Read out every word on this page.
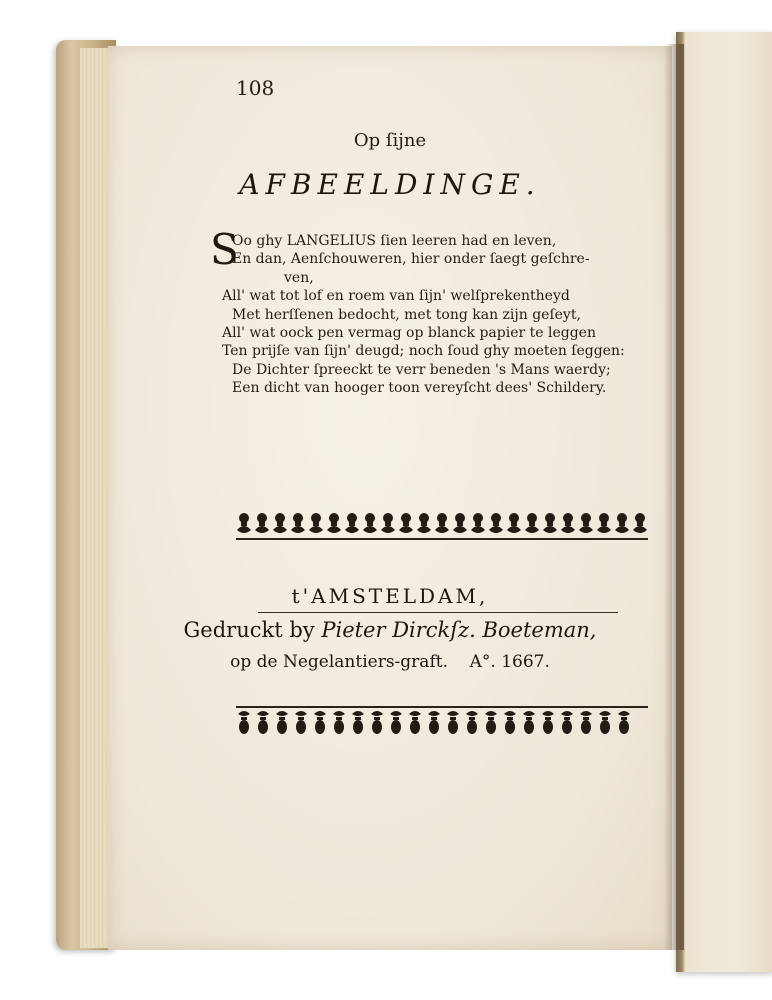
108
Op ſijne
AFBEELDINGE.
S
Oo ghy LANGELIUS ſien leeren had en leven,
En dan, Aenſchouweren, hier onder ſaegt geſchre-
ven,
All' wat tot lof en roem van ſijn' welſprekentheyd
Met herſſenen bedocht, met tong kan zijn geſeyt,
All' wat oock pen vermag op blanck papier te leggen
Ten prijſe van ſijn' deugd; noch ſoud ghy moeten ſeggen:
De Dichter ſpreeckt te verr beneden 's Mans waerdy;
Een dicht van hooger toon vereyſcht dees' Schildery.
t'AMSTELDAM,
Gedruckt by Pieter Dirckſz. Boeteman,
op de Negelantiers-graft. A°. 1667.
